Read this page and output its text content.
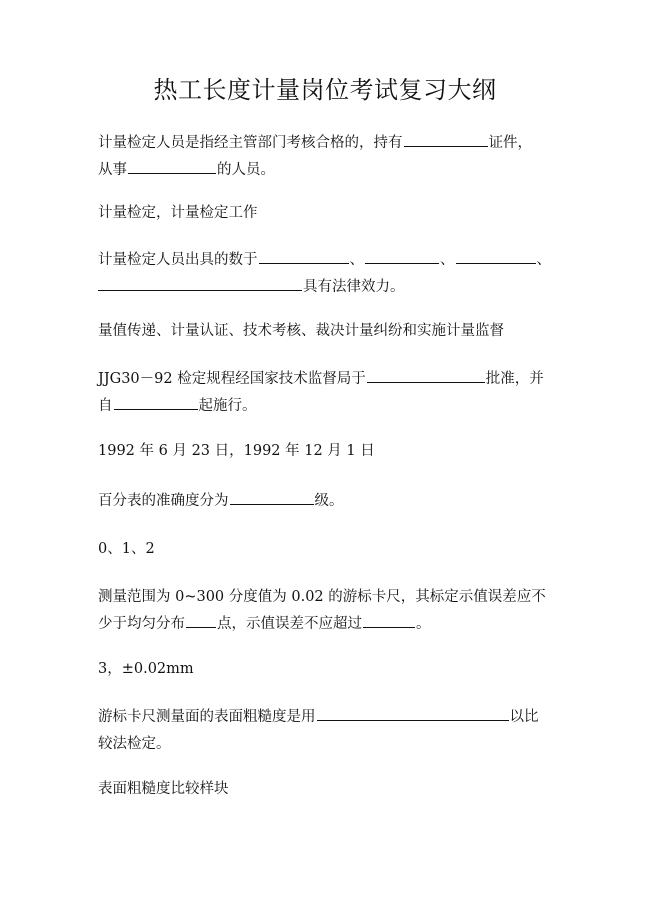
热工长度计量岗位考试复习大纲
计量检定人员是指经主管部门考核合格的，持有	证件，
从事	的人员。
计量检定，计量检定工作
计量检定人员出具的数于	、	、	、
具有法律效力。
量值传递、计量认证、技术考核、裁决计量纠纷和实施计量监督
JJG30－92 检定规程经国家技术监督局于	批准，并
自	起施行。
1992 年 6 月 23 日，1992 年 12 月 1 日
百分表的准确度分为	级。
0、1、2
测量范围为 0~300 分度值为 0.02 的游标卡尺，其标定示值误差应不
少于均匀分布 点，示值误差不应超过	。
3，±0.02mm
游标卡尺测量面的表面粗糙度是用	以比
较法检定。
表面粗糙度比较样块
